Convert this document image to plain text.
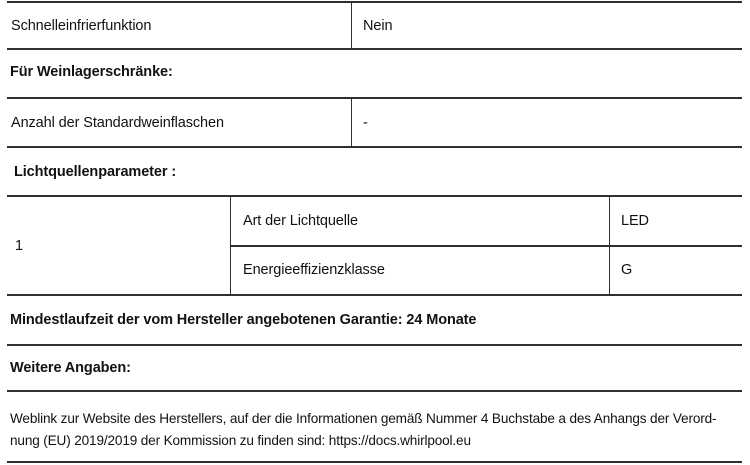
Schnelleinfrierfunktion	Nein
Für Weinlagerschränke:
Anzahl der Standardweinflaschen	-
Lichtquellenparameter :
1
Art der Lichtquelle	LED
Energieeffizienzklasse	G
Mindestlaufzeit der vom Hersteller angebotenen Garantie: 24 Monate
Weitere Angaben:
Weblink zur Website des Herstellers, auf der die Informationen gemäß Nummer 4 Buchstabe a des Anhangs der Verord-
nung (EU) 2019/2019 der Kommission zu finden sind: https://docs.whirlpool.eu
